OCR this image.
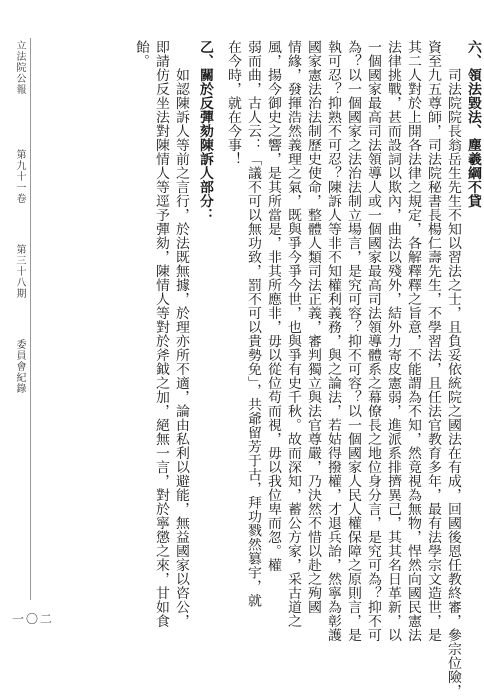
六、領法毀法、塵羲綱不貸
　　司法院院長翁岳生先生不知以習法之士，且負妥依統院之國法在有成，回國後恩任教終審，參宗位險，
資至九五尊師，司法院秘書長楊仁壽先生，不學習法，且任法官教育多年，最有法學宗文造世，是
其二人對於上開各法律之規定，各解釋釋之旨意，不能謂為不知，然竟視為無物，悍然向國民憲法
法律挑戰，甚而設詞以欺內，曲法以殘外，結外力寄皮憲弱，進派系排擠異己，其其名日革新，以
一個國家最高司法領導人或一個國家最高司法領導體系之幕僚長之地位身分言，是究可為？抑不可
為？以一個國家之法治法制立場言，是究可容？抑不可容？以一個國家人民人權保障之原則言，是
執可忍？抑熟不可忍？陳訴人等非不知權利義務，與之論法，若姑得撥權，才退兵詒，然寧為彰護
國家憲法治法制歷史使命，整體人類司法正義，審判獨立與法官尊嚴，乃決然不惜以赴之殉國
情緣，發揮浩然義理之氣，既與爭今爭今世，也與爭有史千秋。故而深知，蓄公方家，采古道之
風，揚今御史之響，是其所當是，非其所應非，毋以從位苟而視，毋以我位卑而忽。權
弱而曲，古人云：「議不可以無功致，罰不可以貴勢免」，共爺留芳于古，拜功戮然篡宇，就
在今時，就在今事！
乙、關於反彈劾陳訴人部分：
　　如認陳訴人等前之言行，於法既無據，於理亦所不適，論由私利以避能，無益國家以咨公，
即請仿反坐法對陳情人等逕予彈劾，陳情人等對於斧鉞之加，絕無一言，對於寧懲之來，甘如食
飴。
立法院公報  第九十一卷  第三十八期  委員會紀錄
一〇二
